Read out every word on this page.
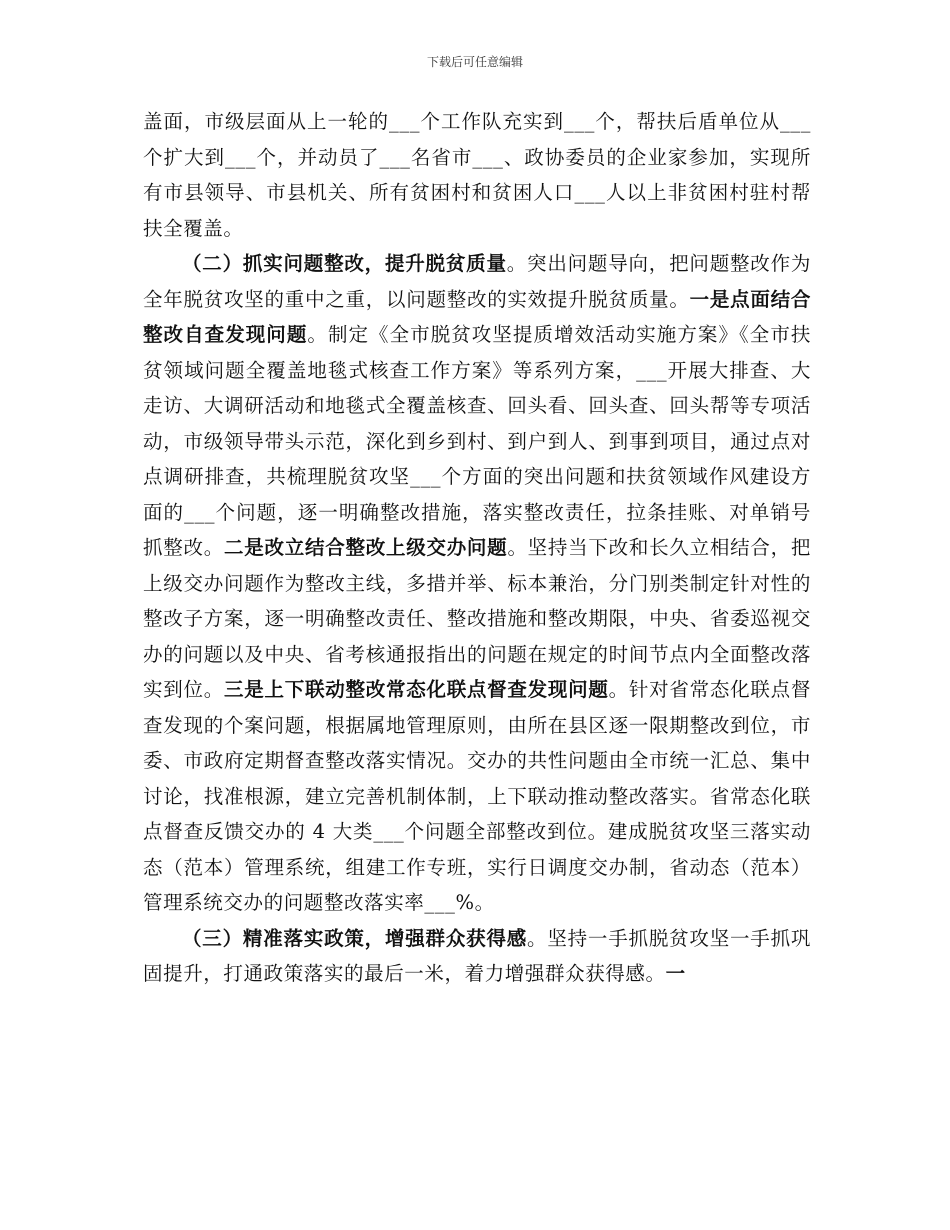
下载后可任意编辑

盖面，市级层面从上一轮的___个工作队充实到___个，帮扶后盾单位从___个扩大到___个，并动员了___名省市___、政协委员的企业家参加，实现所有市县领导、市县机关、所有贫困村和贫困人口___人以上非贫困村驻村帮扶全覆盖。

（二）抓实问题整改，提升脱贫质量。突出问题导向，把问题整改作为全年脱贫攻坚的重中之重，以问题整改的实效提升脱贫质量。一是点面结合整改自查发现问题。制定《全市脱贫攻坚提质增效活动实施方案》《全市扶贫领域问题全覆盖地毯式核查工作方案》等系列方案，___开展大排查、大走访、大调研活动和地毯式全覆盖核查、回头看、回头查、回头帮等专项活动，市级领导带头示范，深化到乡到村、到户到人、到事到项目，通过点对点调研排查，共梳理脱贫攻坚___个方面的突出问题和扶贫领域作风建设方面的___个问题，逐一明确整改措施，落实整改责任，拉条挂账、对单销号抓整改。二是改立结合整改上级交办问题。坚持当下改和长久立相结合，把上级交办问题作为整改主线，多措并举、标本兼治，分门别类制定针对性的整改子方案，逐一明确整改责任、整改措施和整改期限，中央、省委巡视交办的问题以及中央、省考核通报指出的问题在规定的时间节点内全面整改落实到位。三是上下联动整改常态化联点督查发现问题。针对省常态化联点督查发现的个案问题，根据属地管理原则，由所在县区逐一限期整改到位，市委、市政府定期督查整改落实情况。交办的共性问题由全市统一汇总、集中讨论，找准根源，建立完善机制体制，上下联动推动整改落实。省常态化联点督查反馈交办的 4 大类___个问题全部整改到位。建成脱贫攻坚三落实动态（范本）管理系统，组建工作专班，实行日调度交办制，省动态（范本）管理系统交办的问题整改落实率___%。

（三）精准落实政策，增强群众获得感。坚持一手抓脱贫攻坚一手抓巩固提升，打通政策落实的最后一米，着力增强群众获得感。一
